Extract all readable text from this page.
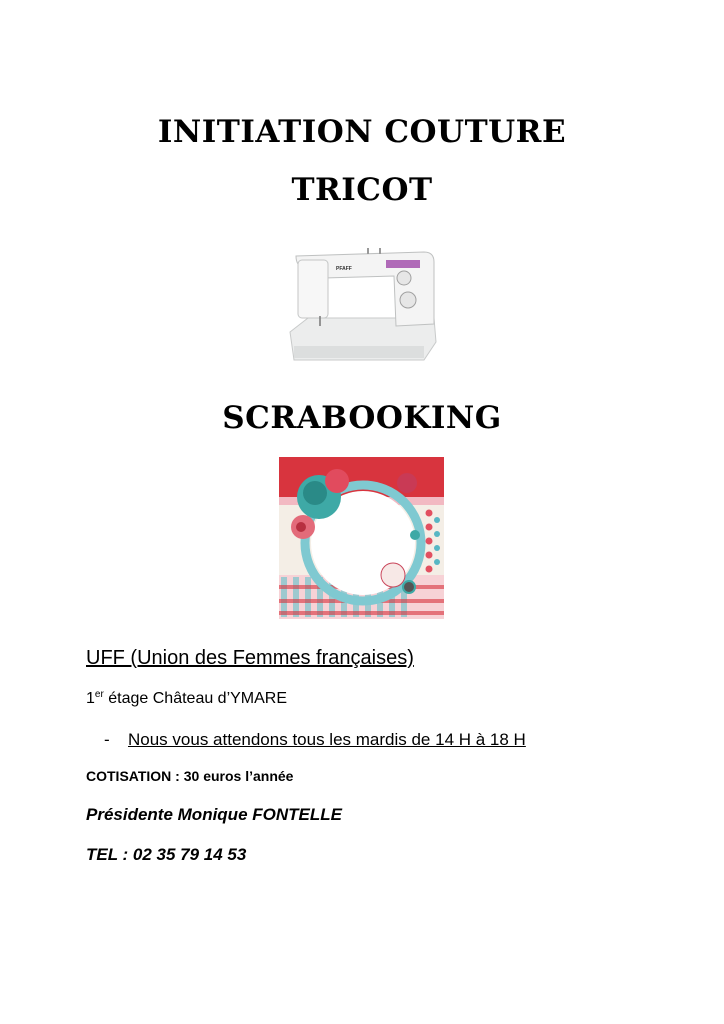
INITIATION COUTURE
TRICOT
PFAFF
SCRABOOKING
UFF (Union des Femmes françaises)
1er étage Château d’YMARE
- Nous vous attendons tous les mardis de 14 H à 18 H
COTISATION : 30 euros l’année
Présidente Monique FONTELLE
TEL : 02 35 79 14 53
